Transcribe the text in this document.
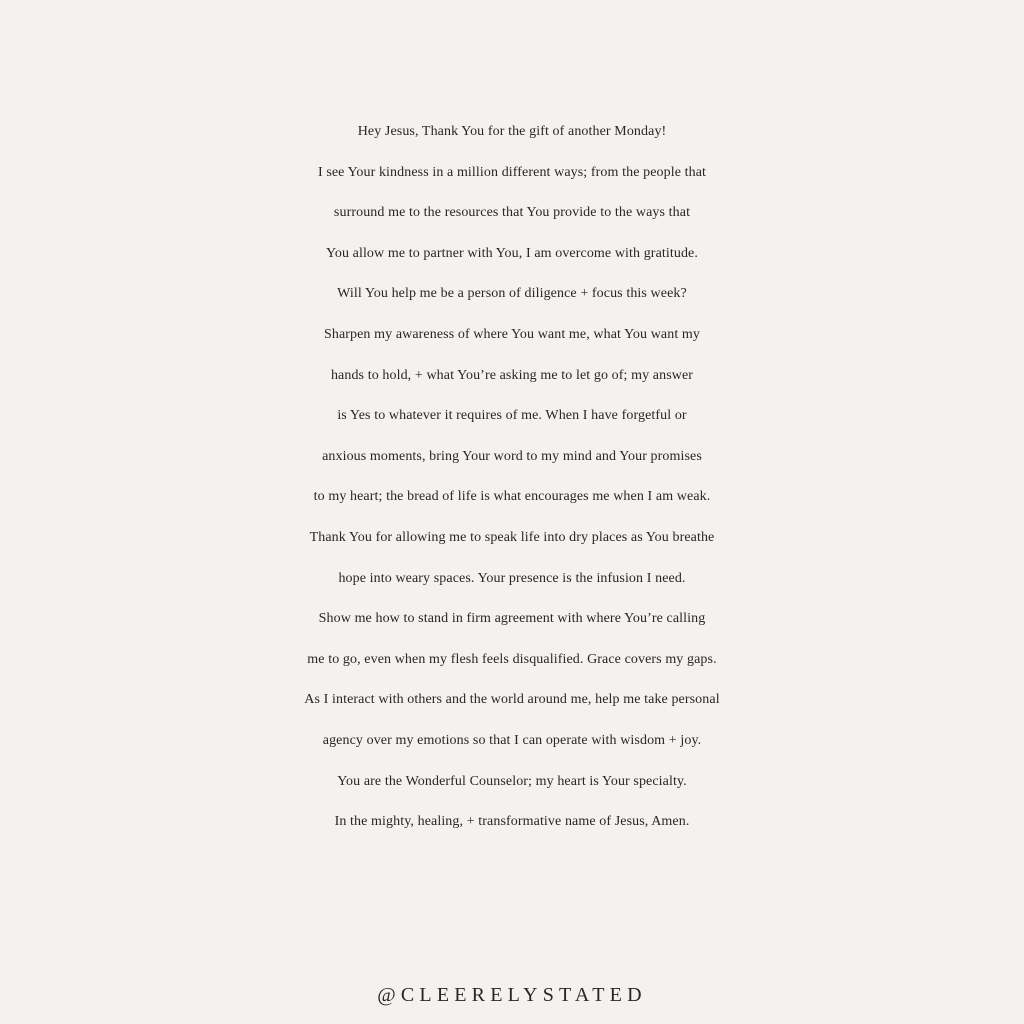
Hey Jesus, Thank You for the gift of another Monday!
I see Your kindness in a million different ways; from the people that
surround me to the resources that You provide to the ways that
You allow me to partner with You, I am overcome with gratitude.
Will You help me be a person of diligence + focus this week?
Sharpen my awareness of where You want me, what You want my
hands to hold, + what You’re asking me to let go of; my answer
is Yes to whatever it requires of me. When I have forgetful or
anxious moments, bring Your word to my mind and Your promises
to my heart; the bread of life is what encourages me when I am weak.
Thank You for allowing me to speak life into dry places as You breathe
hope into weary spaces. Your presence is the infusion I need.
Show me how to stand in firm agreement with where You’re calling
me to go, even when my flesh feels disqualified. Grace covers my gaps.
As I interact with others and the world around me, help me take personal
agency over my emotions so that I can operate with wisdom + joy.
You are the Wonderful Counselor; my heart is Your specialty.
In the mighty, healing, + transformative name of Jesus, Amen.
@CLEERELYSTATED
